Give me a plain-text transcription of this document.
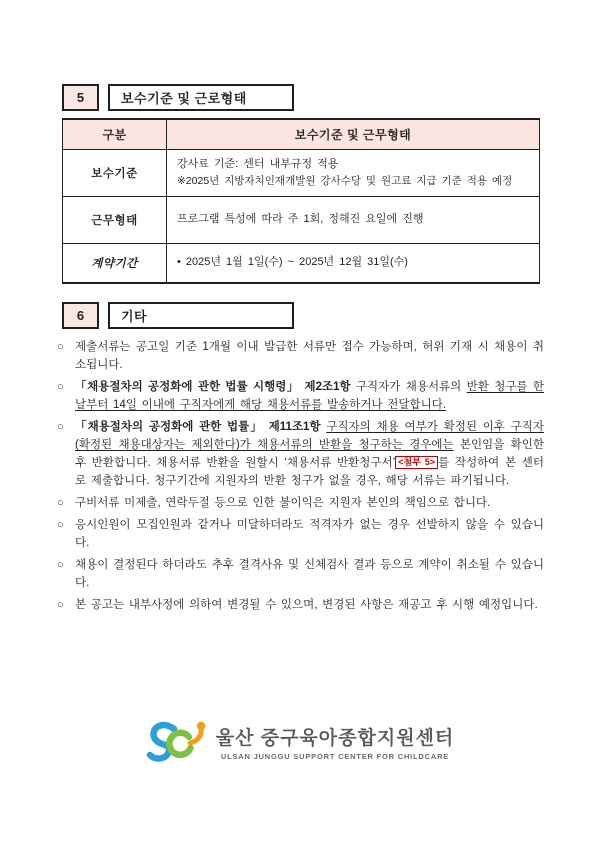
5	보수기준 및 근로형태
구분	보수기준 및 근무형태
보수기준	강사료 기준: 센터 내부규정 적용
※2025년 지방자치인재개발원 강사수당 및 원고료 지급 기준 적용 예정

근무형태	프로그램 특성에 따라 주 1회, 정해진 요일에 진행
계약기간	• 2025년 1월 1일(수) ~ 2025년 12월 31일(수)
6	기타
○ 제출서류는 공고일 기준 1개월 이내 발급한 서류만 접수 가능하며, 허위 기재 시 채용이 취소됩니다.

○ 「채용절차의 공정화에 관한 법률 시행령」 제2조1항 구직자가 채용서류의 반환 청구를 한 날부터 14일 이내에 구직자에게 해당 채용서류를 발송하거나 전달합니다.

○ 「채용절차의 공정화에 관한 법률」 제11조1항 구직자의 채용 여부가 확정된 이후 구직자(확정된 채용대상자는 제외한다)가 채용서류의 반환을 청구하는 경우에는 본인임을 확인한 후 반환합니다. 채용서류 반환을 원할시 ‘채용서류 반환청구서’ <첨부 5> 를 작성하여 본 센터로 제출합니다. 청구기간에 지원자의 반환 청구가 없을 경우, 해당 서류는 파기됩니다.

○ 구비서류 미제출, 연락두절 등으로 인한 불이익은 지원자 본인의 책임으로 합니다.

○ 응시인원이 모집인원과 같거나 미달하더라도 적격자가 없는 경우 선발하지 않을 수 있습니다.

○ 채용이 결정된다 하더라도 추후 결격사유 및 신체검사 결과 등으로 계약이 취소될 수 있습니다.

○ 본 공고는 내부사정에 의하여 변경될 수 있으며, 변경된 사항은 재공고 후 시행 예정입니다.

울산 중구육아종합지원센터
ULSAN JUNGGU SUPPORT CENTER FOR CHILDCARE
